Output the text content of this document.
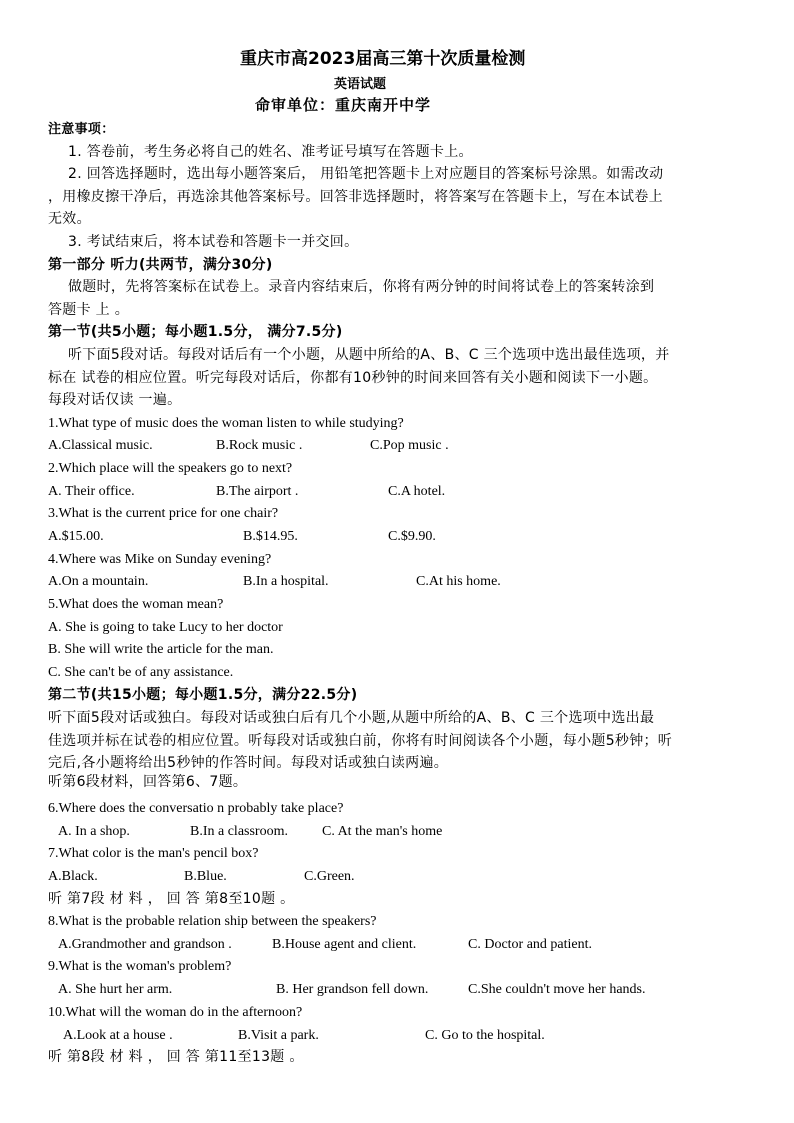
重庆市高2023届高三第十次质量检测
英语试题
命审单位：重庆南开中学
注意事项：
1. 答卷前，考生务必将自己的姓名、准考证号填写在答题卡上。
2. 回答选择题时，选出每小题答案后， 用铅笔把答题卡上对应题目的答案标号涂黑。如需改动
，用橡皮擦干净后，再选涂其他答案标号。回答非选择题时，将答案写在答题卡上，写在本试卷上
无效。
3. 考试结束后，将本试卷和答题卡一并交回。
第一部分 听力(共两节，满分30分)
做题时，先将答案标在试卷上。录音内容结束后，你将有两分钟的时间将试卷上的答案转涂到
答题卡 上 。
第一节(共5小题；每小题1.5分， 满分7.5分)
听下面5段对话。每段对话后有一个小题，从题中所给的A、B、C 三个选项中选出最佳选项，并
标在 试卷的相应位置。听完每段对话后，你都有10秒钟的时间来回答有关小题和阅读下一小题。
每段对话仅读 一遍。
1.What type of music does the woman listen to while studying?
A.Classical music.	B.Rock music .	C.Pop music .
2.Which place will the speakers go to next?
A. Their office.	B.The airport .	C.A hotel.
3.What is the current price for one chair?
A.$15.00.	B.$14.95.	C.$9.90.
4.Where was Mike on Sunday evening?
A.On a mountain.	B.In a hospital.	C.At his home.
5.What does the woman mean?
A. She is going to take Lucy to her doctor
B. She will write the article for the man.
C. She can't be of any assistance.
第二节(共15小题；每小题1.5分，满分22.5分)
听下面5段对话或独白。每段对话或独白后有几个小题,从题中所给的A、B、C 三个选项中选出最
佳选项并标在试卷的相应位置。听每段对话或独白前，你将有时间阅读各个小题，每小题5秒钟；听
完后,各小题将给出5秒钟的作答时间。每段对话或独白读两遍。
听第6段材料，回答第6、7题。
6.Where does the conversatio n probably take place?
A. In a shop.	B.In a classroom. C. At the man's home
7.What color is the man's pencil box?
A.Black.	B.Blue.	C.Green.
听 第7段 材 料 ， 回 答 第8至10题 。
8.What is the probable relation ship between the speakers?
A.Grandmother and grandson .	B.House agent and client.	C. Doctor and patient.
9.What is the woman's problem?
A. She hurt her arm.	B. Her grandson fell down.	C.She couldn't move her hands.
10.What will the woman do in the afternoon?
A.Look at a house .	B.Visit a park.	C. Go to the hospital.
听 第8段 材 料 ， 回 答 第11至13题 。
